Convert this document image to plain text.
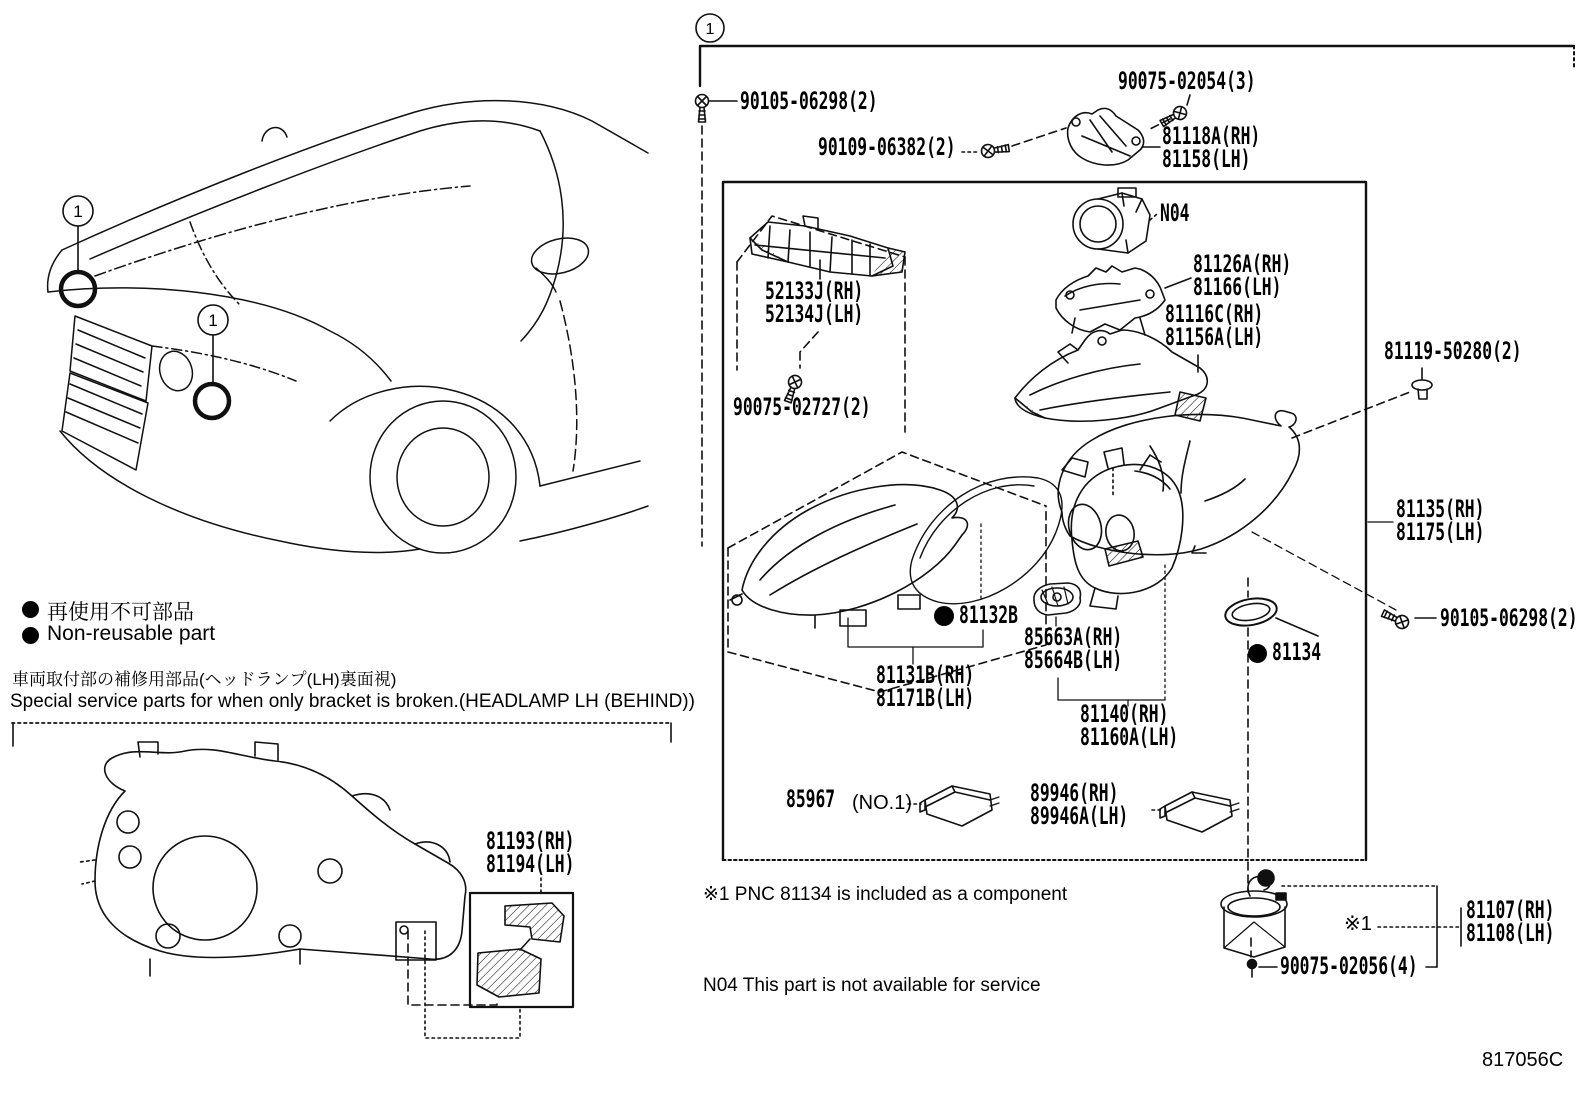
1
1
1
90105-06298(2)
90075-02054(3)
90109-06382(2)	81118A(RH)
81158(LH)
N04
52133J(RH)
52134J(LH)
90075-02727(2)
81126A(RH)
81166(LH)
81116C(RH)
81156A(LH)	81119-50280(2)
81135(RH)
81175(LH)
90105-06298(2)
81132B
85663A(RH)
85664B(LH)	81134
81131B(RH)
81171B(LH)
81140(RH)
81160A(LH)
85967 (NO.1)	89946(RH)
89946A(LH)
※1	81107(RH)
81108(LH)
90075-02056(4)
81193(RH)
81194(LH)
再使用不可部品
Non-reusable part
車両取付部の補修用部品(ヘッドランプ(LH)裏面視)
Special service parts for when only bracket is broken.(HEADLAMP LH (BEHIND))
※1 PNC 81134 is included as a component
N04 This part is not available for service
817056C
